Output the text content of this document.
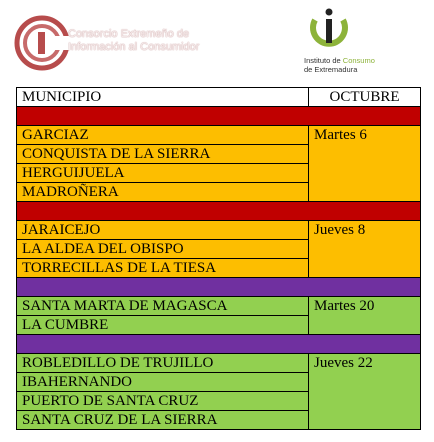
Consorcio Extremeño de
Información al Consumidor
Instituto de Consumo
de Extremadura
MUNICIPIO	OCTUBRE

GARCIAZ	Martes 6
CONQUISTA DE LA SIERRA	
HERGUIJUELA	
MADROÑERA	

JARAICEJO	Jueves 8
LA ALDEA DEL OBISPO	
TORRECILLAS DE LA TIESA	

SANTA MARTA DE MAGASCA	Martes 20
LA CUMBRE	

ROBLEDILLO DE TRUJILLO	Jueves 22
IBAHERNANDO	
PUERTO DE SANTA CRUZ	
SANTA CRUZ DE LA SIERRA	
